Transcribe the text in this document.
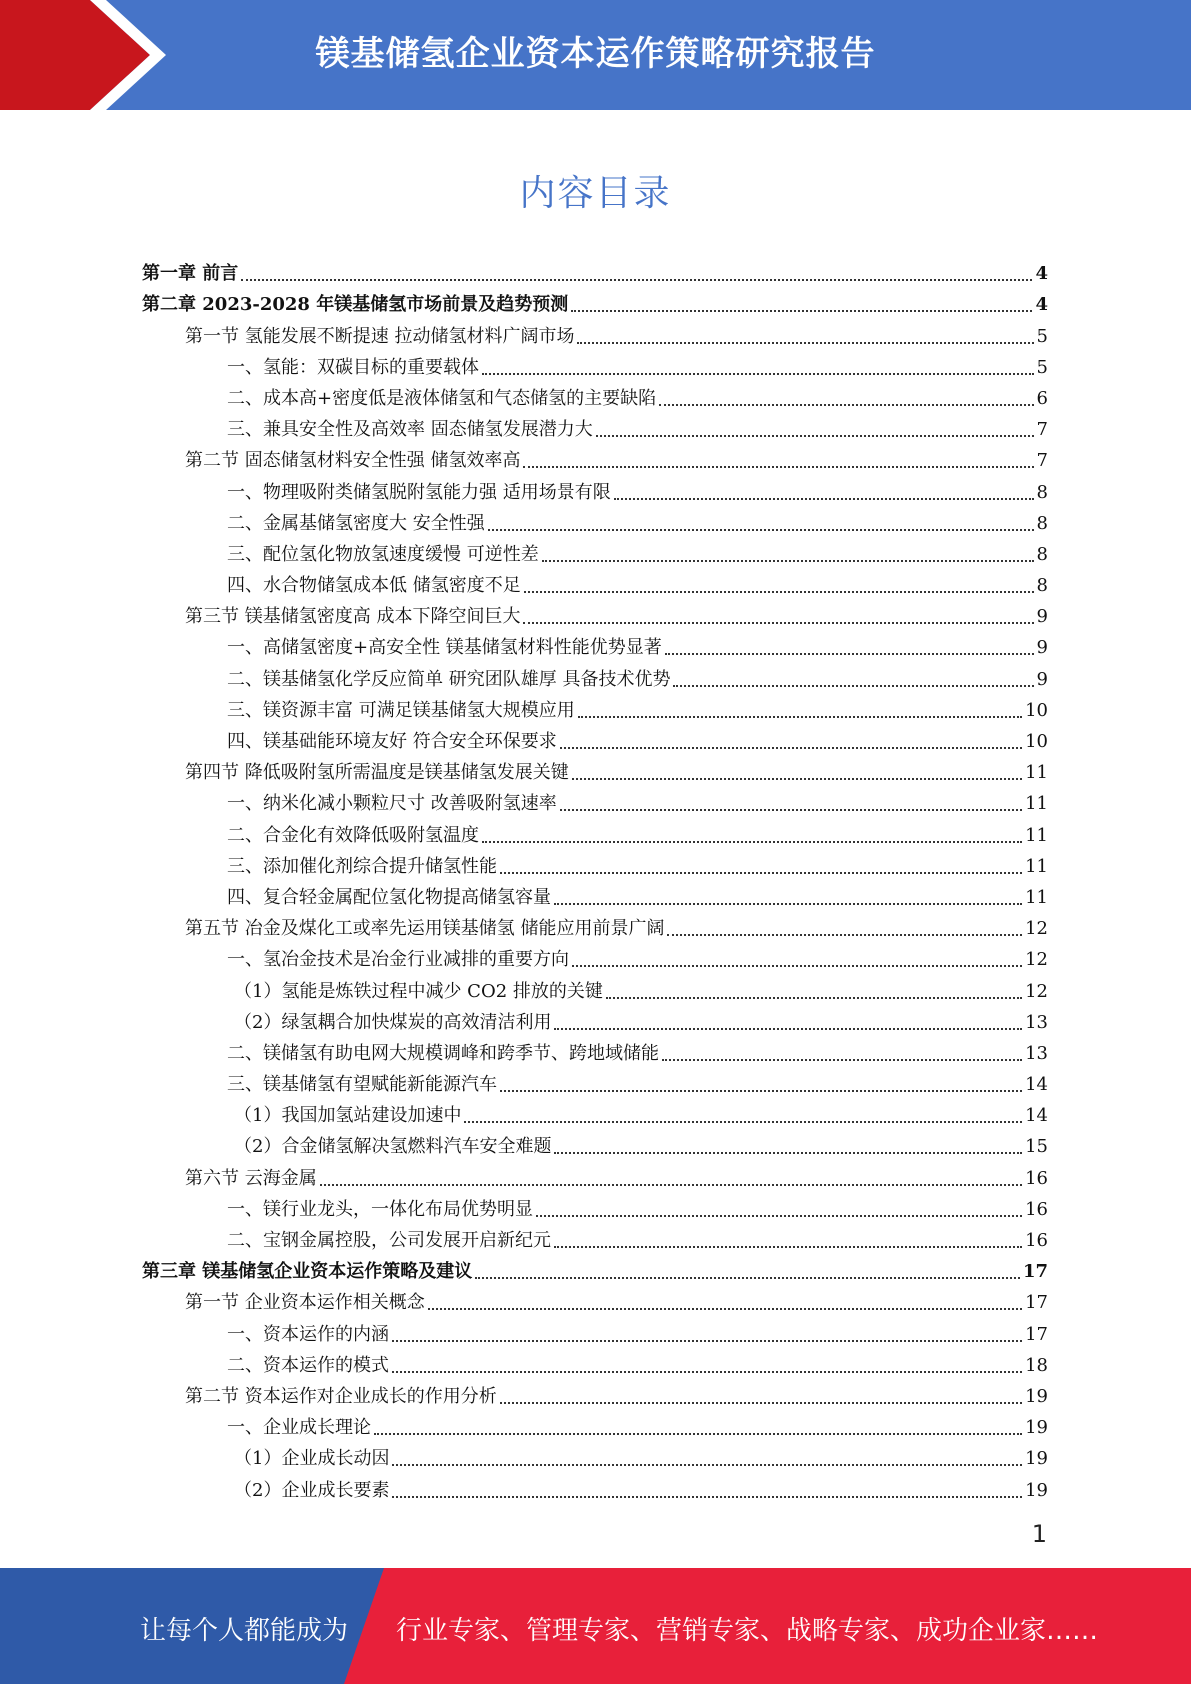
镁基储氢企业资本运作策略研究报告
内容目录
第一章 前言	4
第二章 2023-2028 年镁基储氢市场前景及趋势预测	4
第一节 氢能发展不断提速 拉动储氢材料广阔市场	5
一、氢能：双碳目标的重要载体	5
二、成本高+密度低是液体储氢和气态储氢的主要缺陷	6
三、兼具安全性及高效率 固态储氢发展潜力大	7
第二节 固态储氢材料安全性强 储氢效率高	7
一、物理吸附类储氢脱附氢能力强 适用场景有限	8
二、金属基储氢密度大 安全性强	8
三、配位氢化物放氢速度缓慢 可逆性差	8
四、水合物储氢成本低 储氢密度不足	8
第三节 镁基储氢密度高 成本下降空间巨大	9
一、高储氢密度+高安全性 镁基储氢材料性能优势显著	9
二、镁基储氢化学反应简单 研究团队雄厚 具备技术优势	9
三、镁资源丰富 可满足镁基储氢大规模应用	10
四、镁基础能环境友好 符合安全环保要求	10
第四节 降低吸附氢所需温度是镁基储氢发展关键	11
一、纳米化减小颗粒尺寸 改善吸附氢速率	11
二、合金化有效降低吸附氢温度	11
三、添加催化剂综合提升储氢性能	11
四、复合轻金属配位氢化物提高储氢容量	11
第五节 冶金及煤化工或率先运用镁基储氢 储能应用前景广阔	12
一、氢冶金技术是冶金行业减排的重要方向	12
（1）氢能是炼铁过程中减少 CO2 排放的关键	12
（2）绿氢耦合加快煤炭的高效清洁利用	13
二、镁储氢有助电网大规模调峰和跨季节、跨地域储能	13
三、镁基储氢有望赋能新能源汽车	14
（1）我国加氢站建设加速中	14
（2）合金储氢解决氢燃料汽车安全难题	15
第六节 云海金属	16
一、镁行业龙头，一体化布局优势明显	16
二、宝钢金属控股，公司发展开启新纪元	16
第三章 镁基储氢企业资本运作策略及建议	17
第一节 企业资本运作相关概念	17
一、资本运作的内涵	17
二、资本运作的模式	18
第二节 资本运作对企业成长的作用分析	19
一、企业成长理论	19
（1）企业成长动因	19
（2）企业成长要素	19
1
让每个人都能成为 行业专家、管理专家、营销专家、战略专家、成功企业家……
